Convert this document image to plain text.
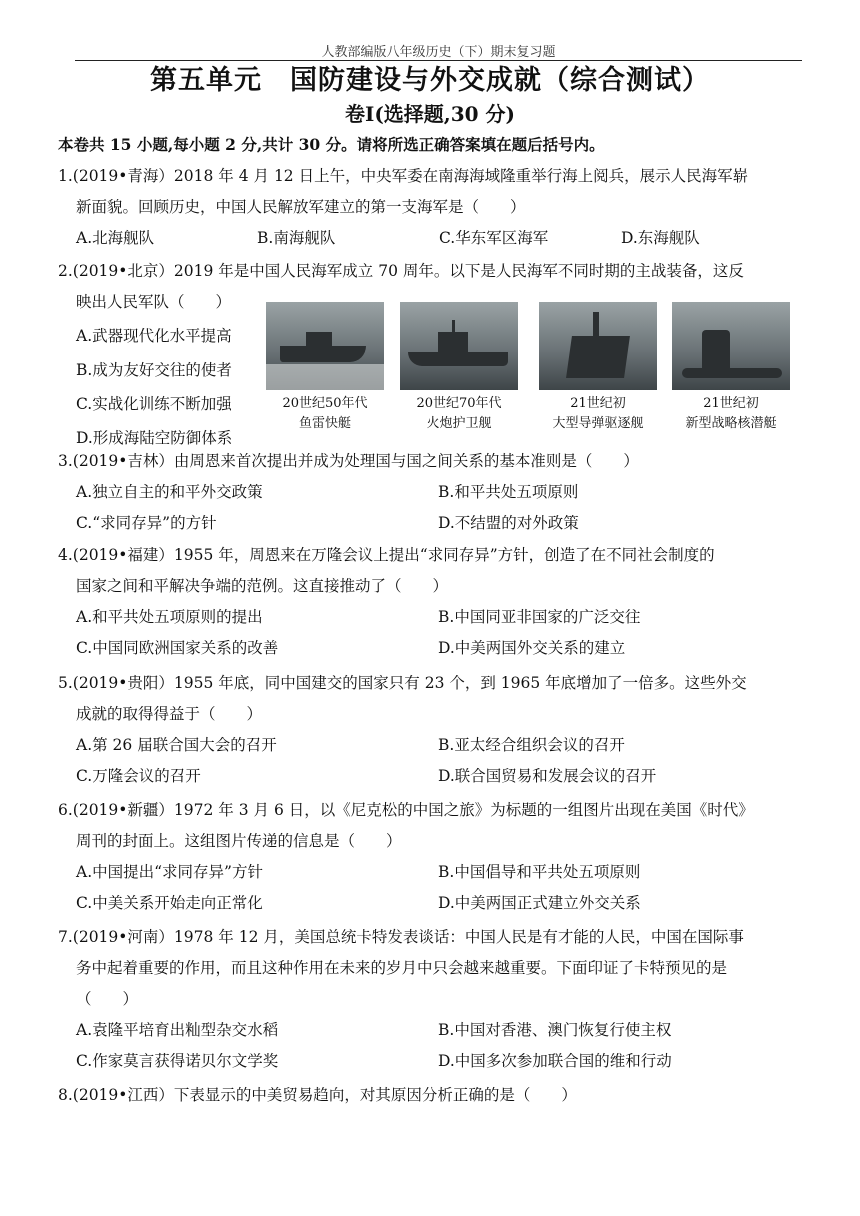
人教部编版八年级历史（下）期末复习题
第五单元　国防建设与外交成就（综合测试）
卷Ⅰ(选择题,30 分)
本卷共 15 小题,每小题 2 分,共计 30 分。请将所选正确答案填在题后括号内。
1.(2019•青海）2018 年 4 月 12 日上午，中央军委在南海海域隆重举行海上阅兵，展示人民海军崭
新面貌。回顾历史，中国人民解放军建立的第一支海军是（　　）
A.北海舰队	B.南海舰队	C.华东军区海军	D.东海舰队
2.(2019•北京）2019 年是中国人民海军成立 70 周年。以下是人民海军不同时期的主战装备，这反
映出人民军队（　　）
A.武器现代化水平提高
B.成为友好交往的使者
C.实战化训练不断加强
D.形成海陆空防御体系
20世纪50年代
鱼雷快艇
20世纪70年代
火炮护卫舰
21世纪初
大型导弹驱逐舰
21世纪初
新型战略核潜艇
3.(2019•吉林）由周恩来首次提出并成为处理国与国之间关系的基本准则是（　　）
A.独立自主的和平外交政策	B.和平共处五项原则
C.“求同存异”的方针	D.不结盟的对外政策
4.(2019•福建）1955 年，周恩来在万隆会议上提出“求同存异”方针，创造了在不同社会制度的
国家之间和平解决争端的范例。这直接推动了（　　）
A.和平共处五项原则的提出	B.中国同亚非国家的广泛交往
C.中国同欧洲国家关系的改善	D.中美两国外交关系的建立
5.(2019•贵阳）1955 年底，同中国建交的国家只有 23 个，到 1965 年底增加了一倍多。这些外交
成就的取得得益于（　　）
A.第 26 届联合国大会的召开	B.亚太经合组织会议的召开
C.万隆会议的召开	D.联合国贸易和发展会议的召开
6.(2019•新疆）1972 年 3 月 6 日，以《尼克松的中国之旅》为标题的一组图片出现在美国《时代》
周刊的封面上。这组图片传递的信息是（　　）
A.中国提出“求同存异”方针	B.中国倡导和平共处五项原则
C.中美关系开始走向正常化	D.中美两国正式建立外交关系
7.(2019•河南）1978 年 12 月，美国总统卡特发表谈话：中国人民是有才能的人民，中国在国际事
务中起着重要的作用，而且这种作用在未来的岁月中只会越来越重要。下面印证了卡特预见的是
（　　）
A.袁隆平培育出籼型杂交水稻	B.中国对香港、澳门恢复行使主权
C.作家莫言获得诺贝尔文学奖	D.中国多次参加联合国的维和行动
8.(2019•江西）下表显示的中美贸易趋向，对其原因分析正确的是（　　）
